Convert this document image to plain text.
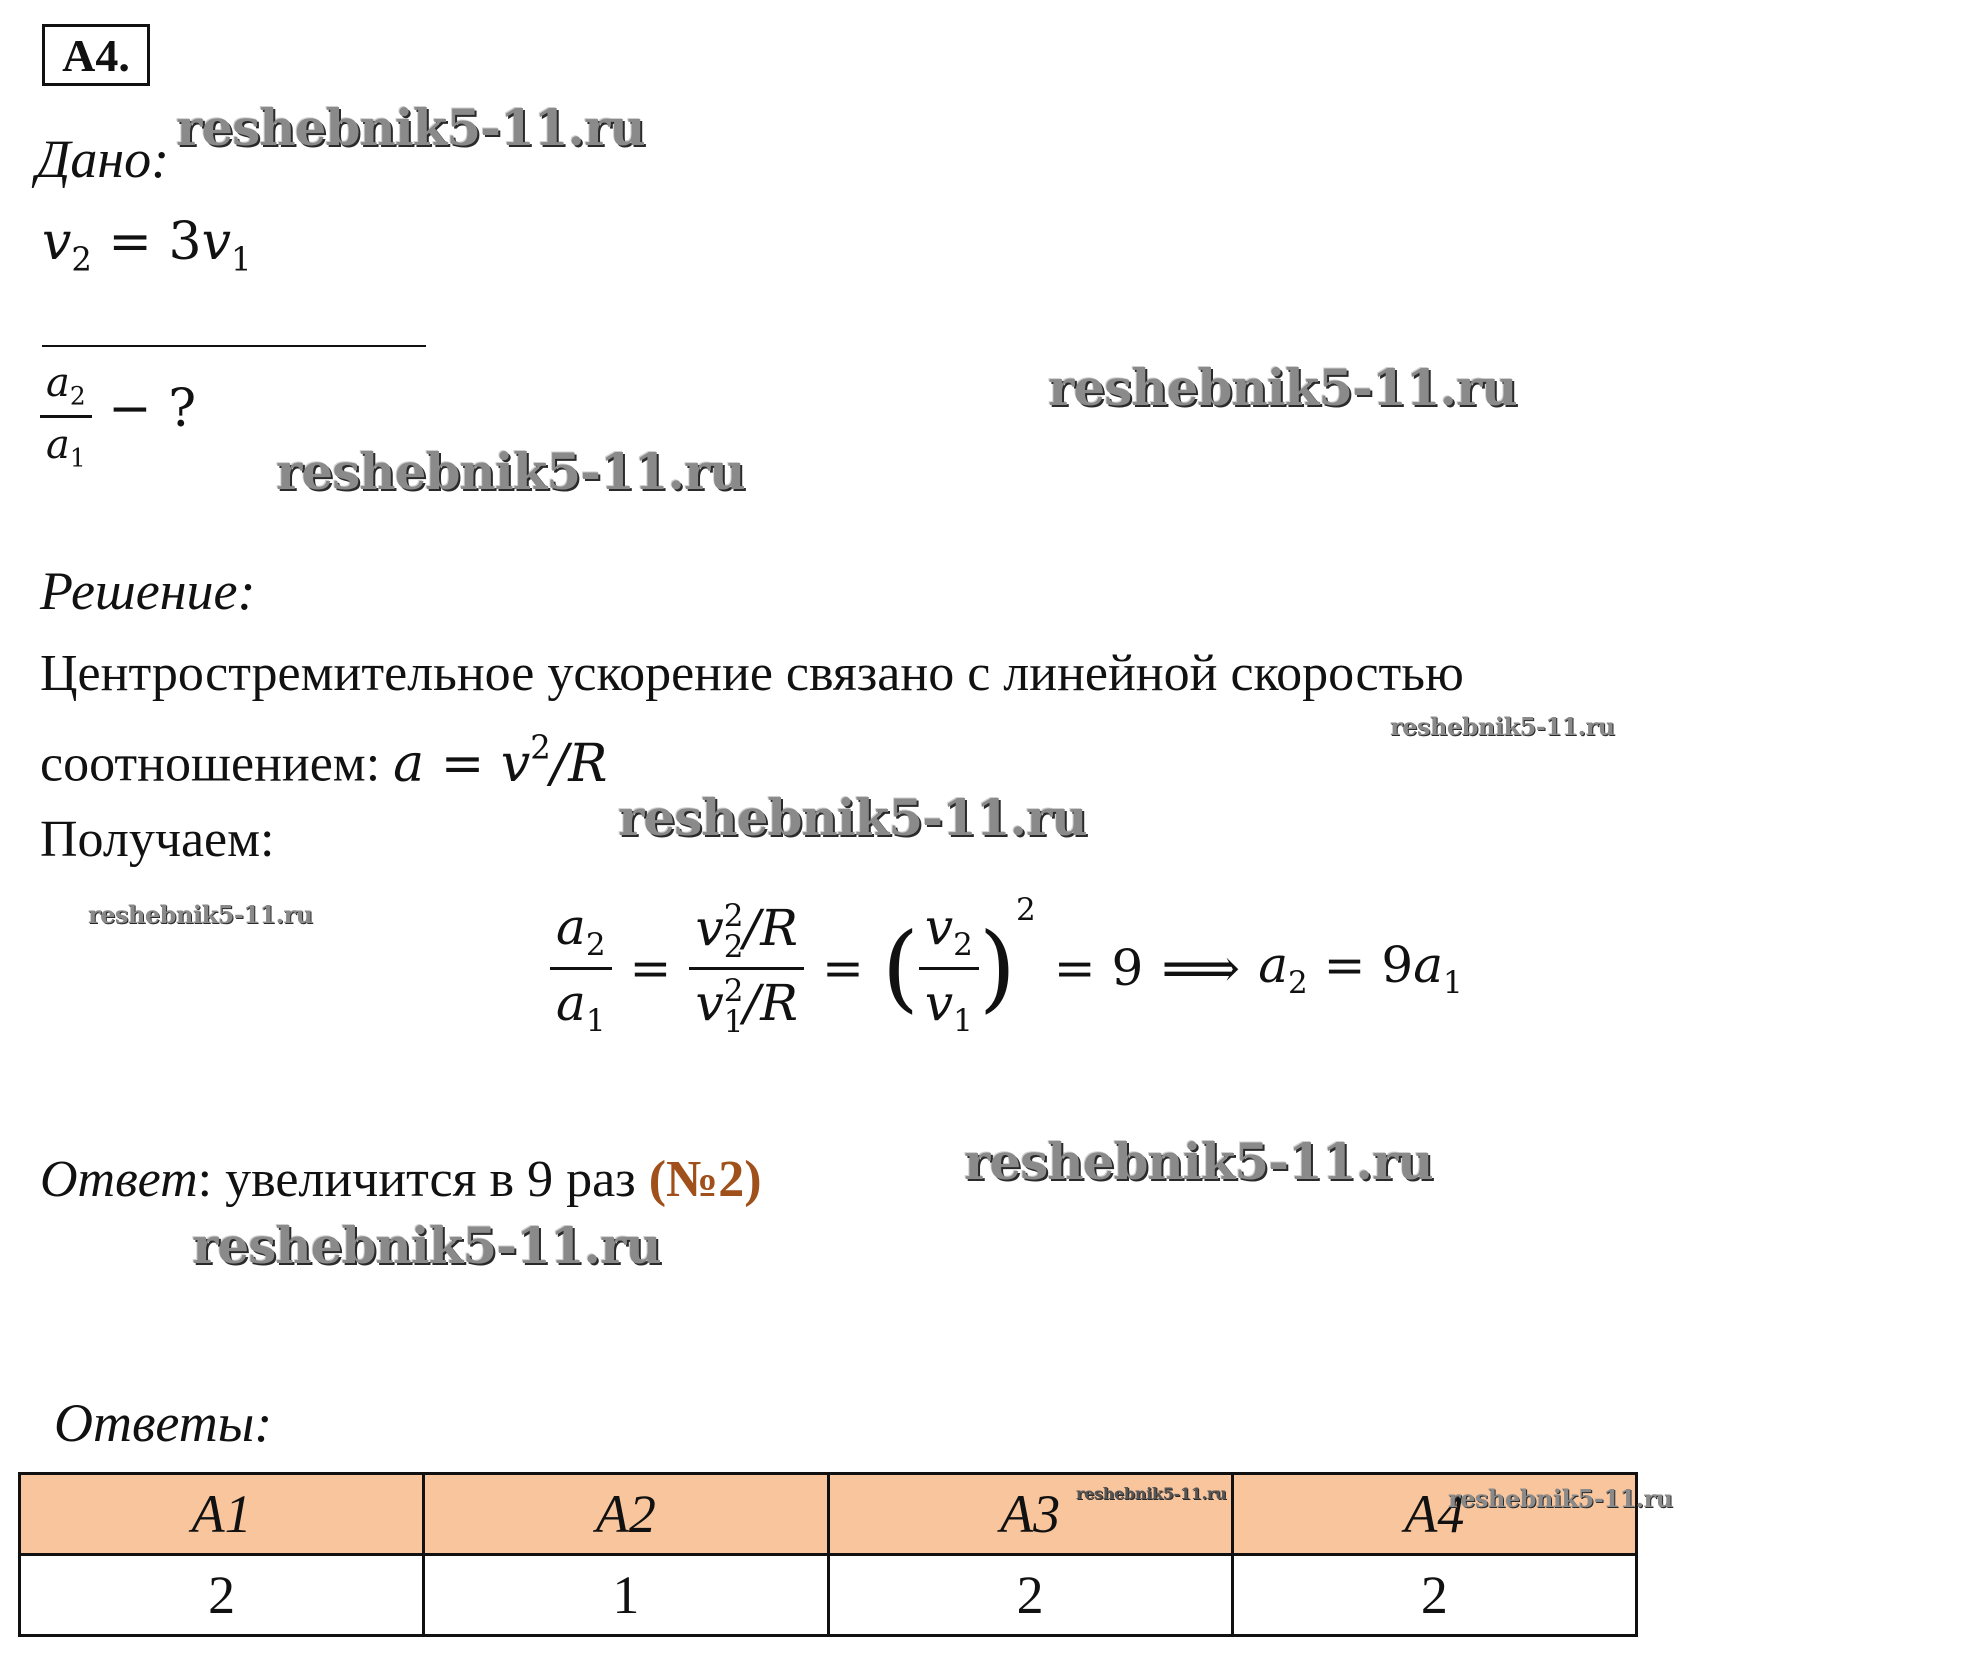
A4.
Дано:
$v_2 = 3v_1$
$\frac{a_2}{a_1}$ − ?
Решение:
Центростремительное ускорение связано с линейной скоростью
соотношением: $a = v^2/R$
Получаем:
$\frac{a_2}{a_1} = v$ 2
2 /R
v 2
1 /R = ( $\frac{v_2}{v_1}$ )
2
= 9 ⟹ $a_2 = 9a_1$
Ответ: увеличится в 9 раз (№2)
Ответы:
A1	A2	A3	A4
2	1	2	2
reshebnik5-11.ru
reshebnik5-11.ru
reshebnik5-11.ru
reshebnik5-11.ru
reshebnik5-11.ru
reshebnik5-11.ru
reshebnik5-11.ru
reshebnik5-11.ru
reshebnik5-11.ru	reshebnik5-11.ru
